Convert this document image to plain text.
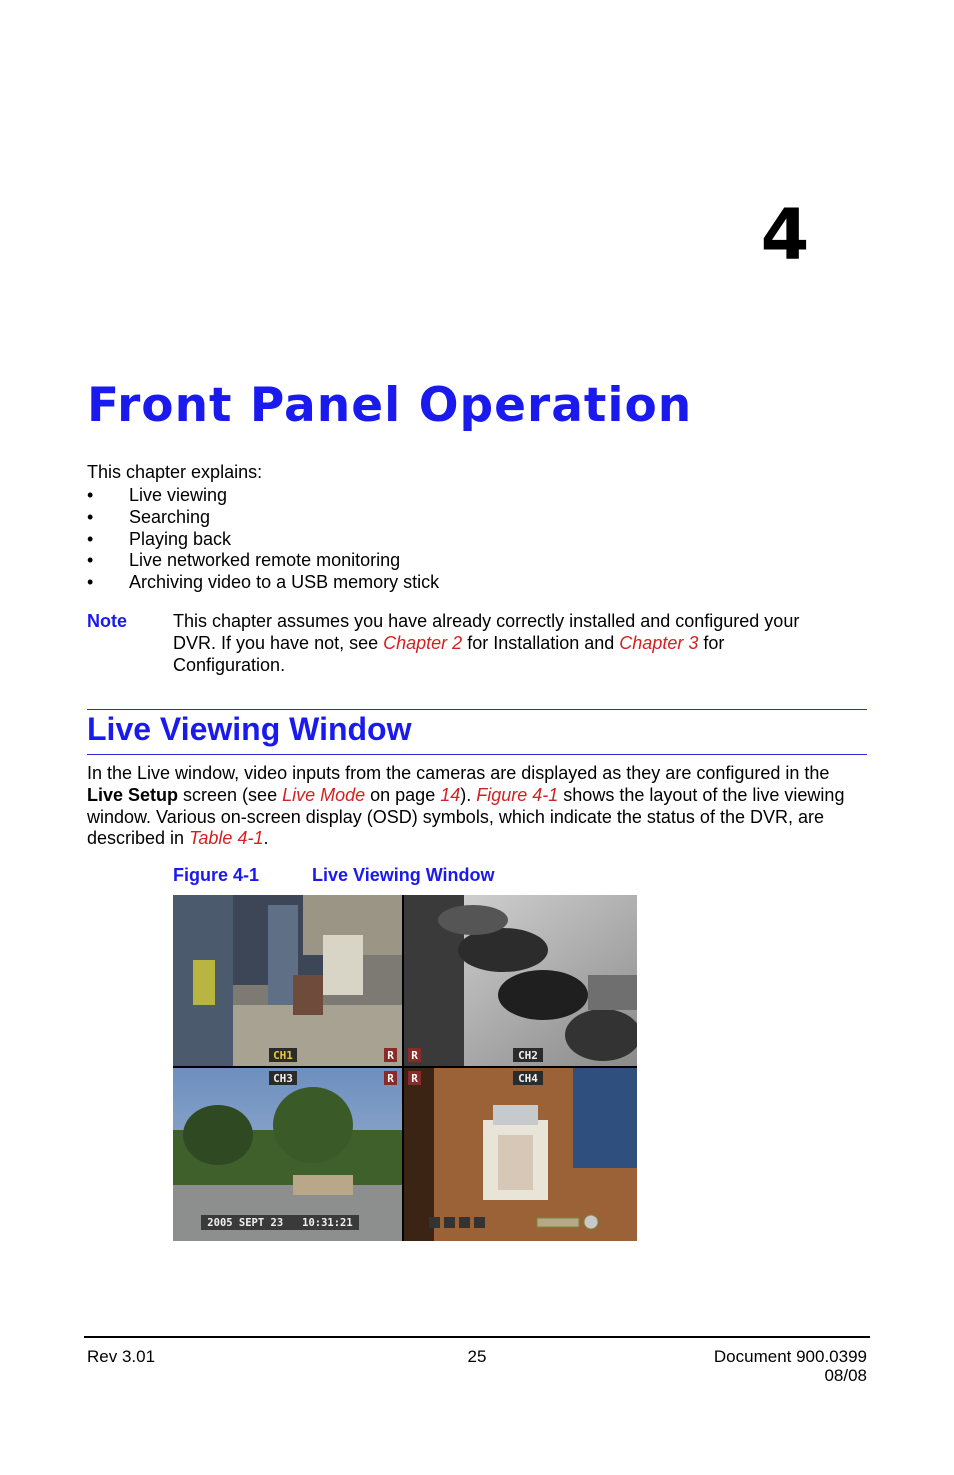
4
Front Panel Operation
This chapter explains:
• Live viewing
• Searching
• Playing back
• Live networked remote monitoring
• Archiving video to a USB memory stick
Note	This chapter assumes you have already correctly installed and configured your DVR. If you have not, see Chapter 2 for Installation and Chapter 3 for Configuration.
Live Viewing Window
In the Live window, video inputs from the cameras are displayed as they are configured in the Live Setup screen (see Live Mode on page 14). Figure 4-1 shows the layout of the live viewing window. Various on-screen display (OSD) symbols, which indicate the status of the DVR, are described in Table 4-1.
Figure 4-1	Live Viewing Window
CH1	R R	CH2
CH3	R R	CH4
2005 SEPT 23   10:31:21
Rev 3.01	25	Document 900.0399
08/08
